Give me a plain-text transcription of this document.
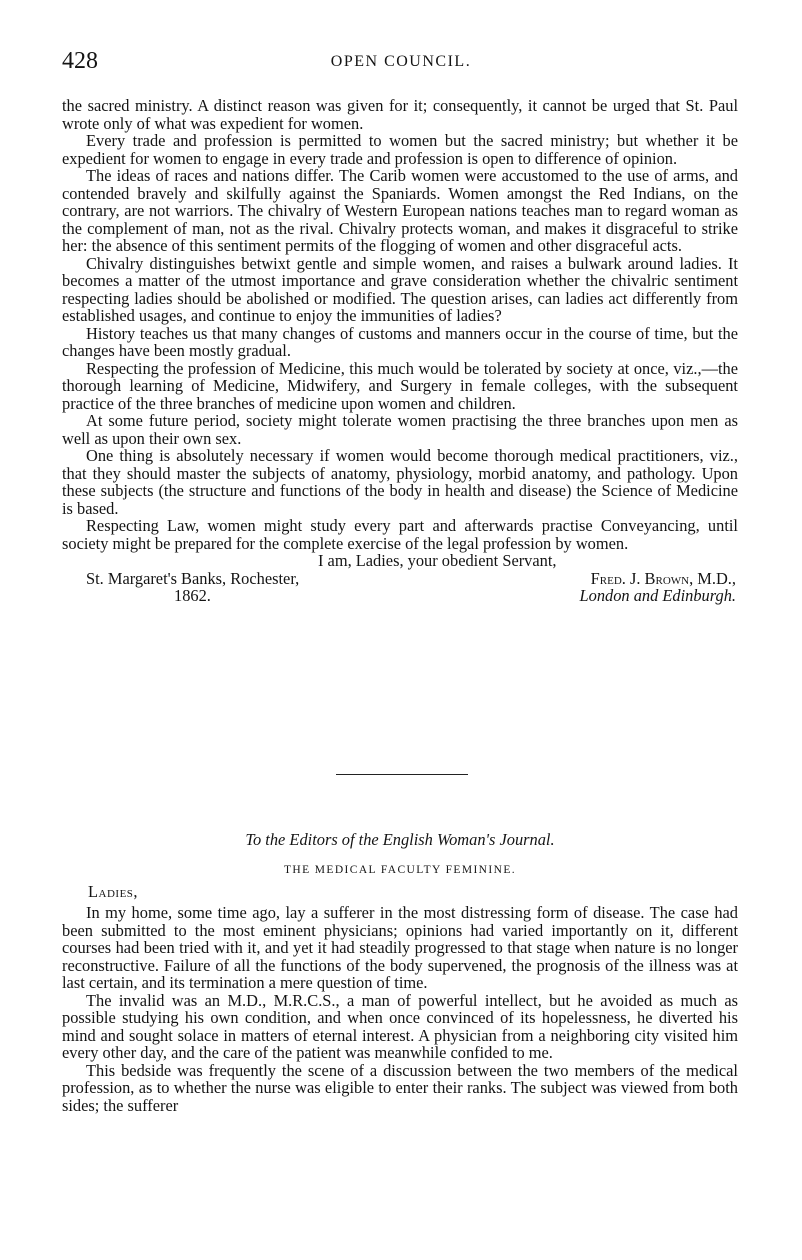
428	OPEN COUNCIL.

the sacred ministry. A distinct reason was given for it; consequently, it cannot be urged that St. Paul wrote only of what was expedient for women.

Every trade and profession is permitted to women but the sacred ministry; but whether it be expedient for women to engage in every trade and profession is open to difference of opinion.

The ideas of races and nations differ. The Carib women were accustomed to the use of arms, and contended bravely and skilfully against the Spaniards. Women amongst the Red Indians, on the contrary, are not warriors. The chivalry of Western European nations teaches man to regard woman as the complement of man, not as the rival. Chivalry protects woman, and makes it disgraceful to strike her: the absence of this sentiment permits of the flogging of women and other disgraceful acts.

Chivalry distinguishes betwixt gentle and simple women, and raises a bulwark around ladies. It becomes a matter of the utmost importance and grave consideration whether the chivalric sentiment respecting ladies should be abolished or modified. The question arises, can ladies act differently from established usages, and continue to enjoy the immunities of ladies?

History teaches us that many changes of customs and manners occur in the course of time, but the changes have been mostly gradual.

Respecting the profession of Medicine, this much would be tolerated by society at once, viz.,—the thorough learning of Medicine, Midwifery, and Surgery in female colleges, with the subsequent practice of the three branches of medicine upon women and children.

At some future period, society might tolerate women practising the three branches upon men as well as upon their own sex.

One thing is absolutely necessary if women would become thorough medical practitioners, viz., that they should master the subjects of anatomy, physiology, morbid anatomy, and pathology. Upon these subjects (the structure and functions of the body in health and disease) the Science of Medicine is based.

Respecting Law, women might study every part and afterwards practise Conveyancing, until society might be prepared for the complete exercise of the legal profession by women.

I am, Ladies, your obedient Servant,
St. Margaret's Banks, Rochester,	Fred. J. Brown, M.D.,
1862.	London and Edinburgh.
To the Editors of the English Woman's Journal.
THE MEDICAL FACULTY FEMININE.
Ladies,

In my home, some time ago, lay a sufferer in the most distressing form of disease. The case had been submitted to the most eminent physicians; opinions had varied importantly on it, different courses had been tried with it, and yet it had steadily progressed to that stage when nature is no longer reconstructive. Failure of all the functions of the body supervened, the prognosis of the illness was at last certain, and its termination a mere question of time.

The invalid was an M.D., M.R.C.S., a man of powerful intellect, but he avoided as much as possible studying his own condition, and when once convinced of its hopelessness, he diverted his mind and sought solace in matters of eternal interest. A physician from a neighboring city visited him every other day, and the care of the patient was meanwhile confided to me.

This bedside was frequently the scene of a discussion between the two members of the medical profession, as to whether the nurse was eligible to enter their ranks. The subject was viewed from both sides; the sufferer
